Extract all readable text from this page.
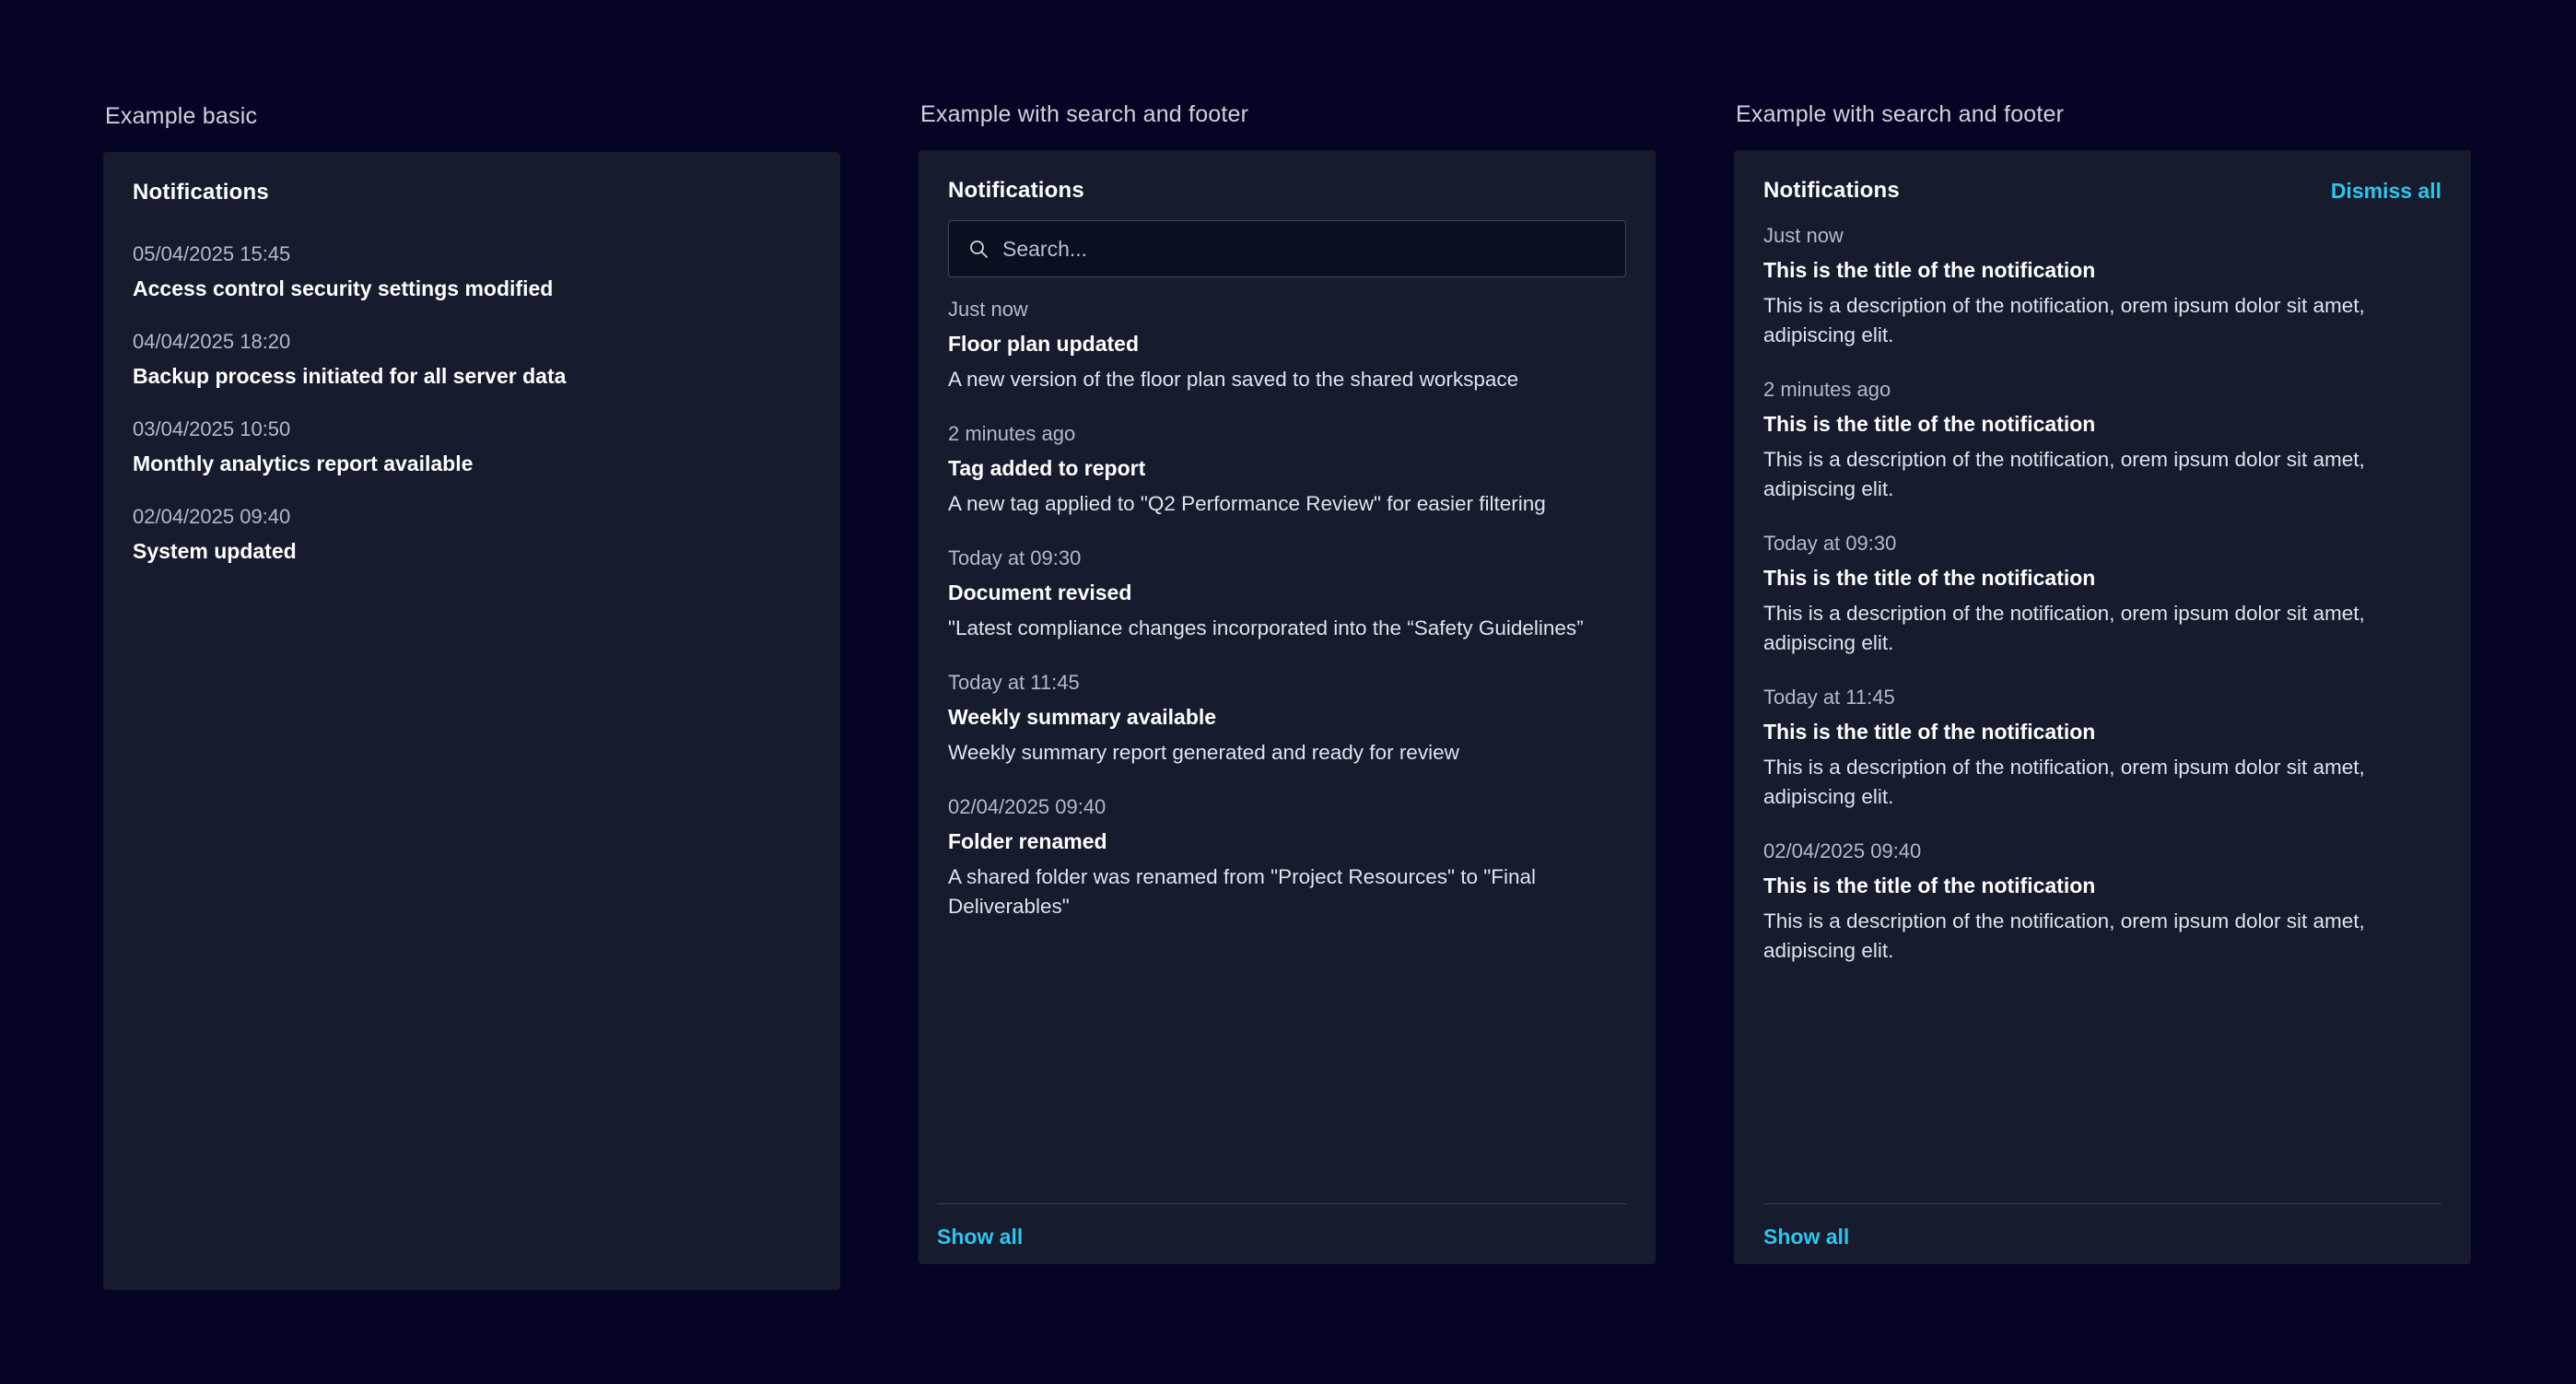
Example basic
Notifications
05/04/2025 15:45
Access control security settings modified
04/04/2025 18:20
Backup process initiated for all server data
03/04/2025 10:50
Monthly analytics report available
02/04/2025 09:40
System updated
Example with search and footer
Notifications
Search...
Just now
Floor plan updated
A new version of the floor plan saved to the shared workspace
2 minutes ago
Tag added to report
A new tag applied to "Q2 Performance Review" for easier filtering
Today at 09:30
Document revised
"Latest compliance changes incorporated into the “Safety Guidelines”
Today at 11:45
Weekly summary available
Weekly summary report generated and ready for review
02/04/2025 09:40
Folder renamed
A shared folder was renamed from "Project Resources" to "Final Deliverables"
Show all
Example with search and footer
Notifications	Dismiss all
Just now
This is the title of the notification
This is a description of the notification, orem ipsum dolor sit amet, adipiscing elit.
2 minutes ago
This is the title of the notification
This is a description of the notification, orem ipsum dolor sit amet, adipiscing elit.
Today at 09:30
This is the title of the notification
This is a description of the notification, orem ipsum dolor sit amet, adipiscing elit.
Today at 11:45
This is the title of the notification
This is a description of the notification, orem ipsum dolor sit amet, adipiscing elit.
02/04/2025 09:40
This is the title of the notification
This is a description of the notification, orem ipsum dolor sit amet, adipiscing elit.
Show all
